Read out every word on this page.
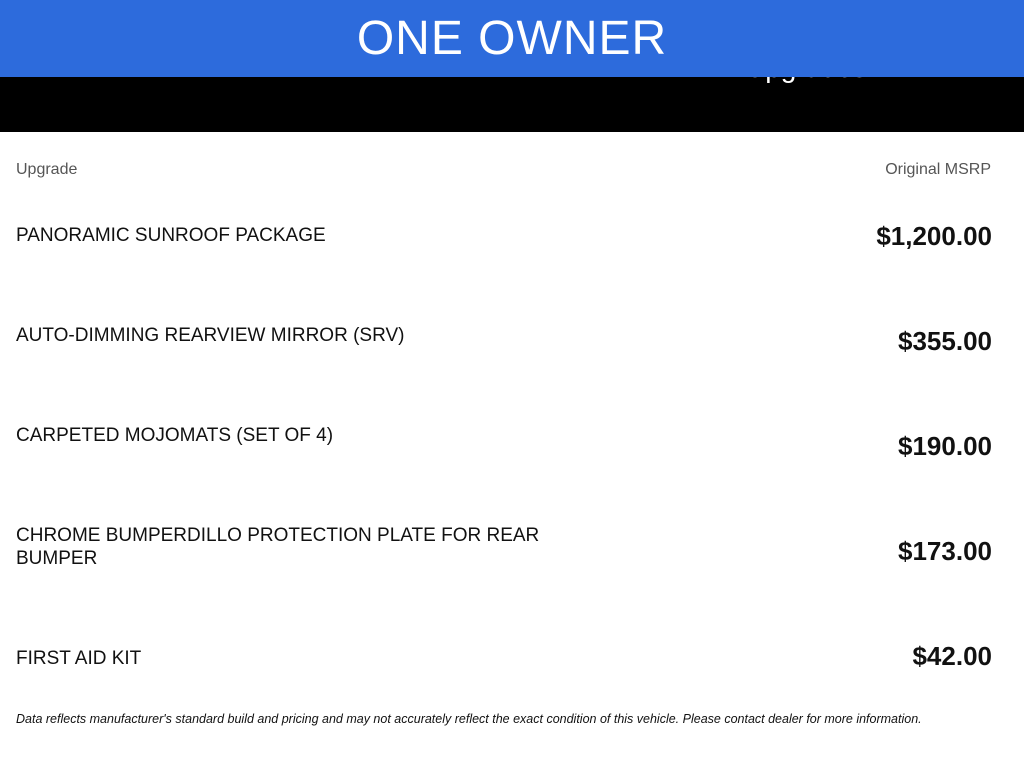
ONE OWNER
Upgrade	Original MSRP
PANORAMIC SUNROOF PACKAGE	$1,200.00
AUTO-DIMMING REARVIEW MIRROR (SRV)	$355.00
CARPETED MOJOMATS (SET OF 4)	$190.00
CHROME BUMPERDILLO PROTECTION PLATE FOR REAR BUMPER	$173.00
FIRST AID KIT	$42.00
Data reflects manufacturer's standard build and pricing and may not accurately reflect the exact condition of this vehicle. Please contact dealer for more information.
